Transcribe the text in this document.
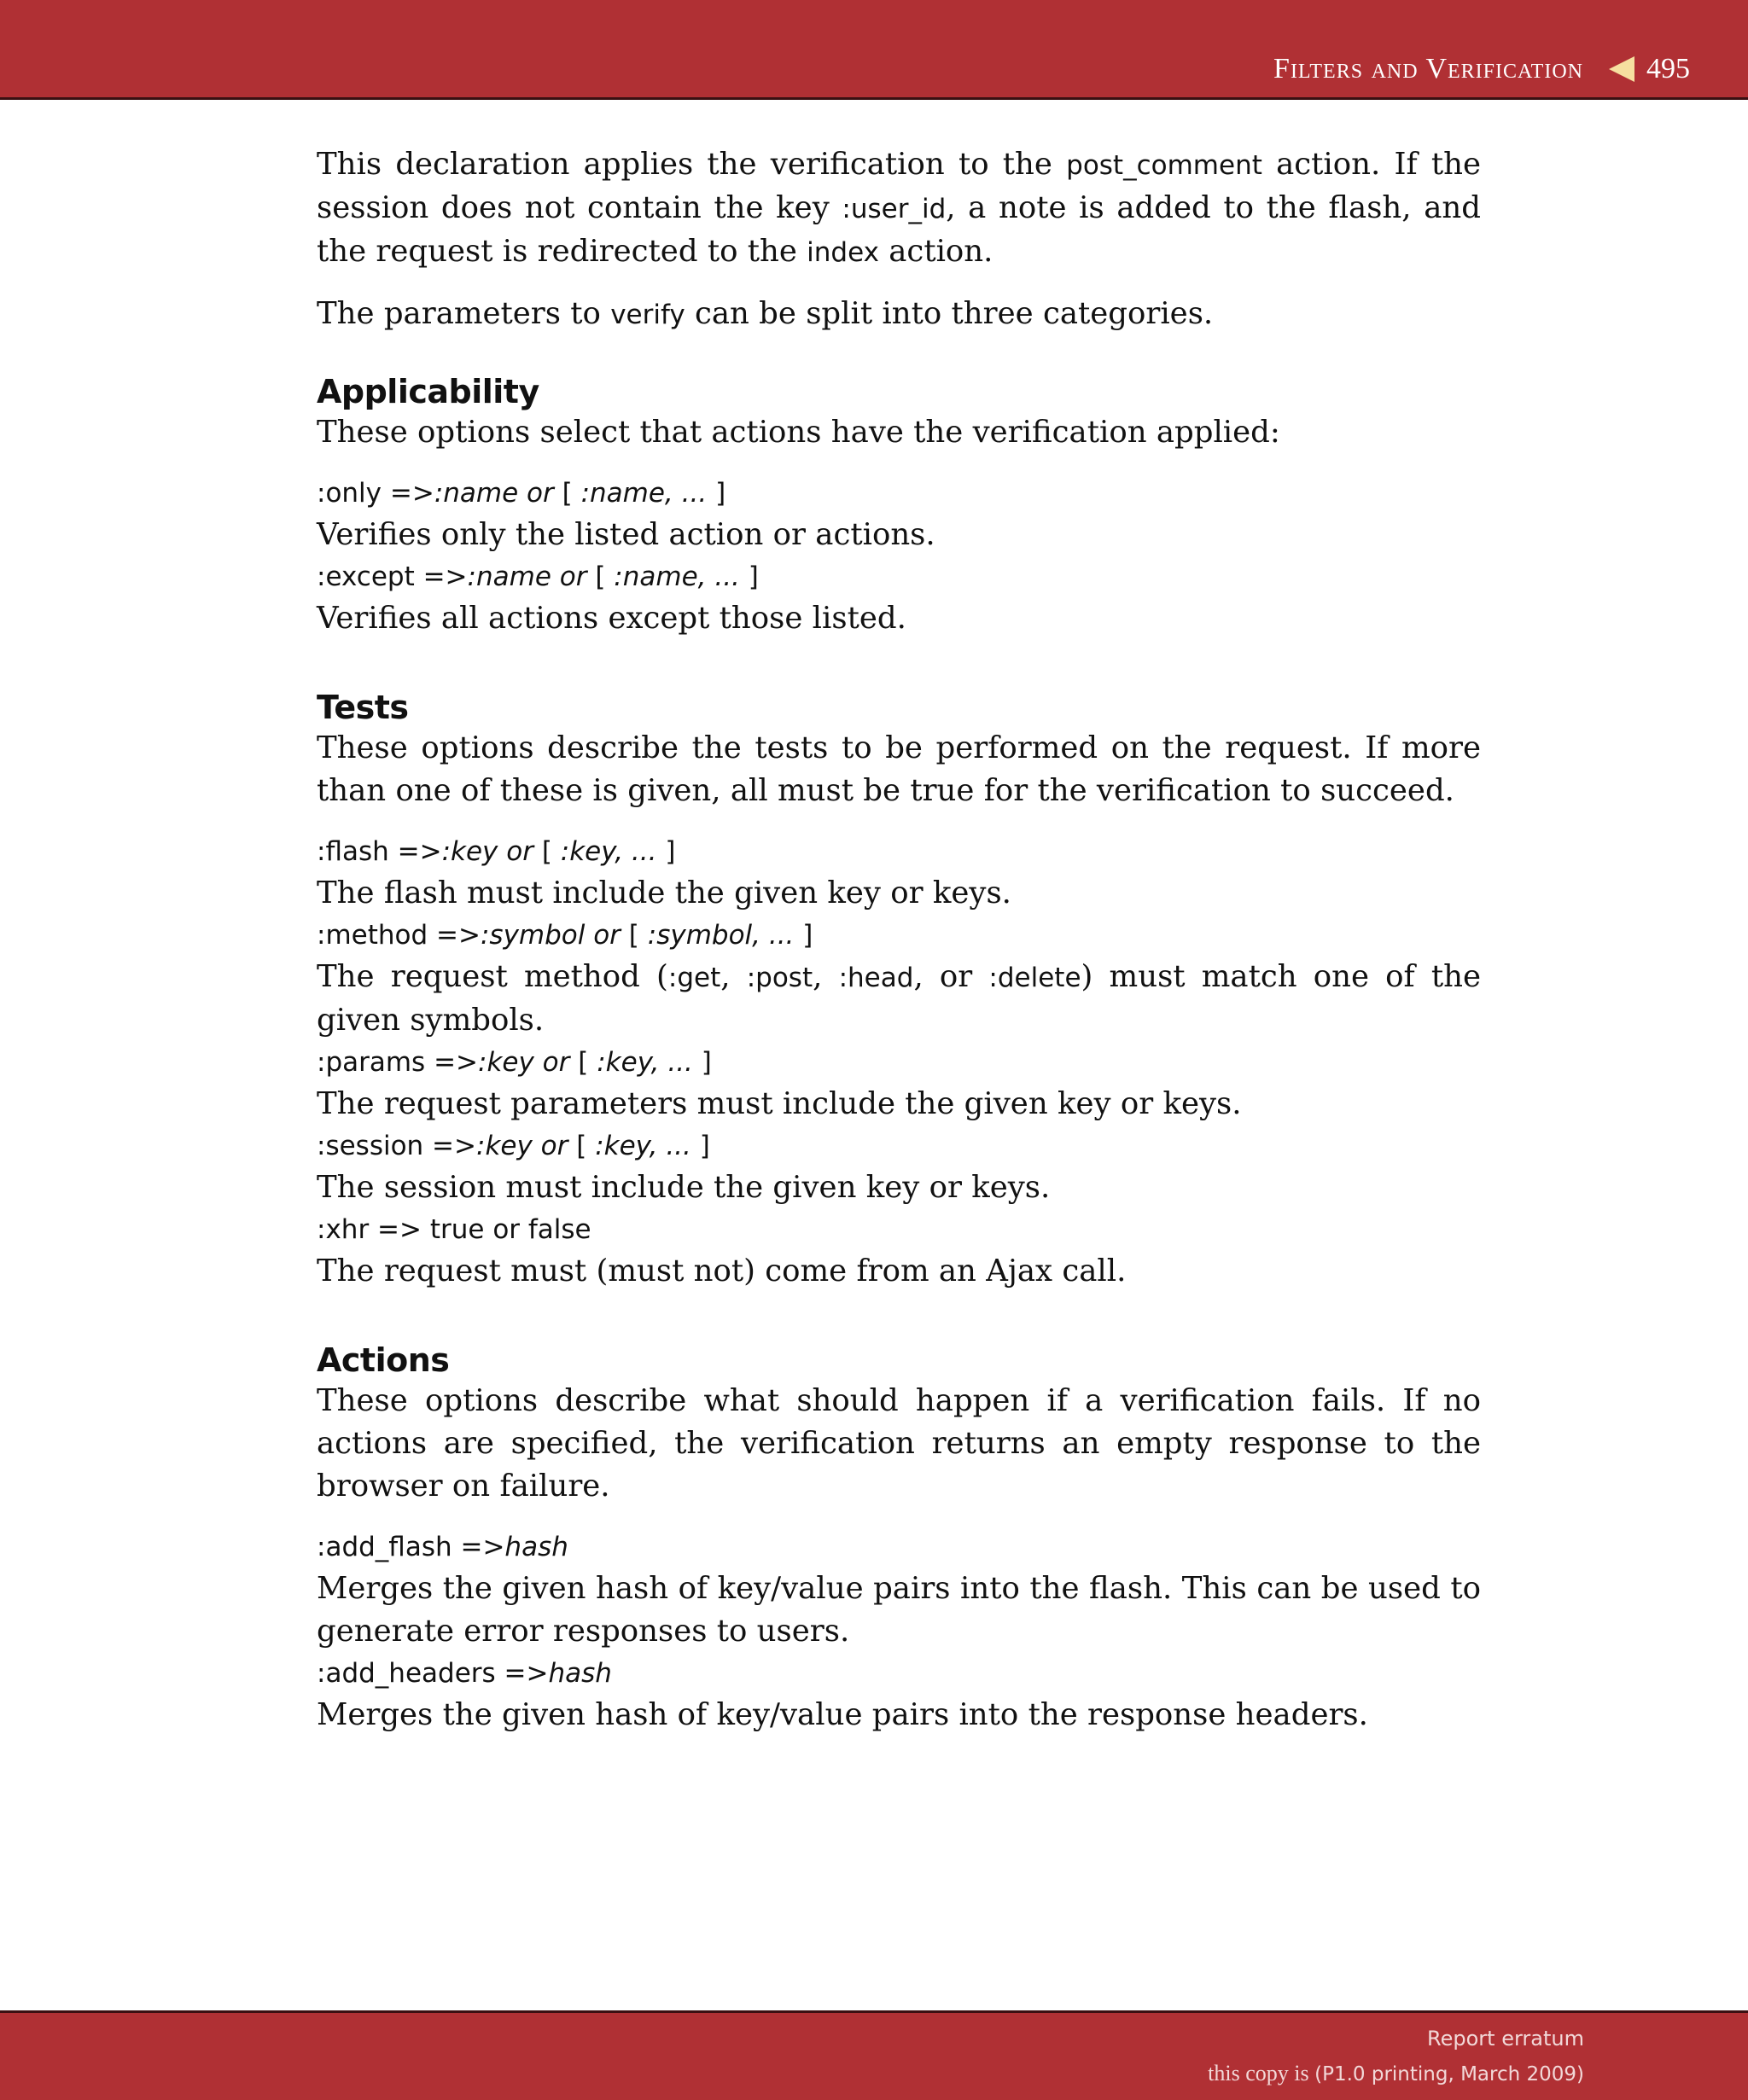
Filters and Verification 495

This declaration applies the verification to the post_comment action. If the session does not contain the key :user_id, a note is added to the flash, and the request is redirected to the index action.

The parameters to verify can be split into three categories.

Applicability

These options select that actions have the verification applied:

:only =>:name or [ :name, ... ]

Verifies only the listed action or actions.

:except =>:name or [ :name, ... ]

Verifies all actions except those listed.

Tests

These options describe the tests to be performed on the request. If more than one of these is given, all must be true for the verification to succeed.

:flash =>:key or [ :key, ... ]

The flash must include the given key or keys.

:method =>:symbol or [ :symbol, ... ]

The request method (:get, :post, :head, or :delete) must match one of the given symbols.

:params =>:key or [ :key, ... ]

The request parameters must include the given key or keys.

:session =>:key or [ :key, ... ]

The session must include the given key or keys.

:xhr => true or false

The request must (must not) come from an Ajax call.

Actions

These options describe what should happen if a verification fails. If no actions are specified, the verification returns an empty response to the browser on failure.

:add_flash =>hash

Merges the given hash of key/value pairs into the flash. This can be used to generate error responses to users.

:add_headers =>hash

Merges the given hash of key/value pairs into the response headers.

Report erratum
this copy is (P1.0 printing, March 2009)
